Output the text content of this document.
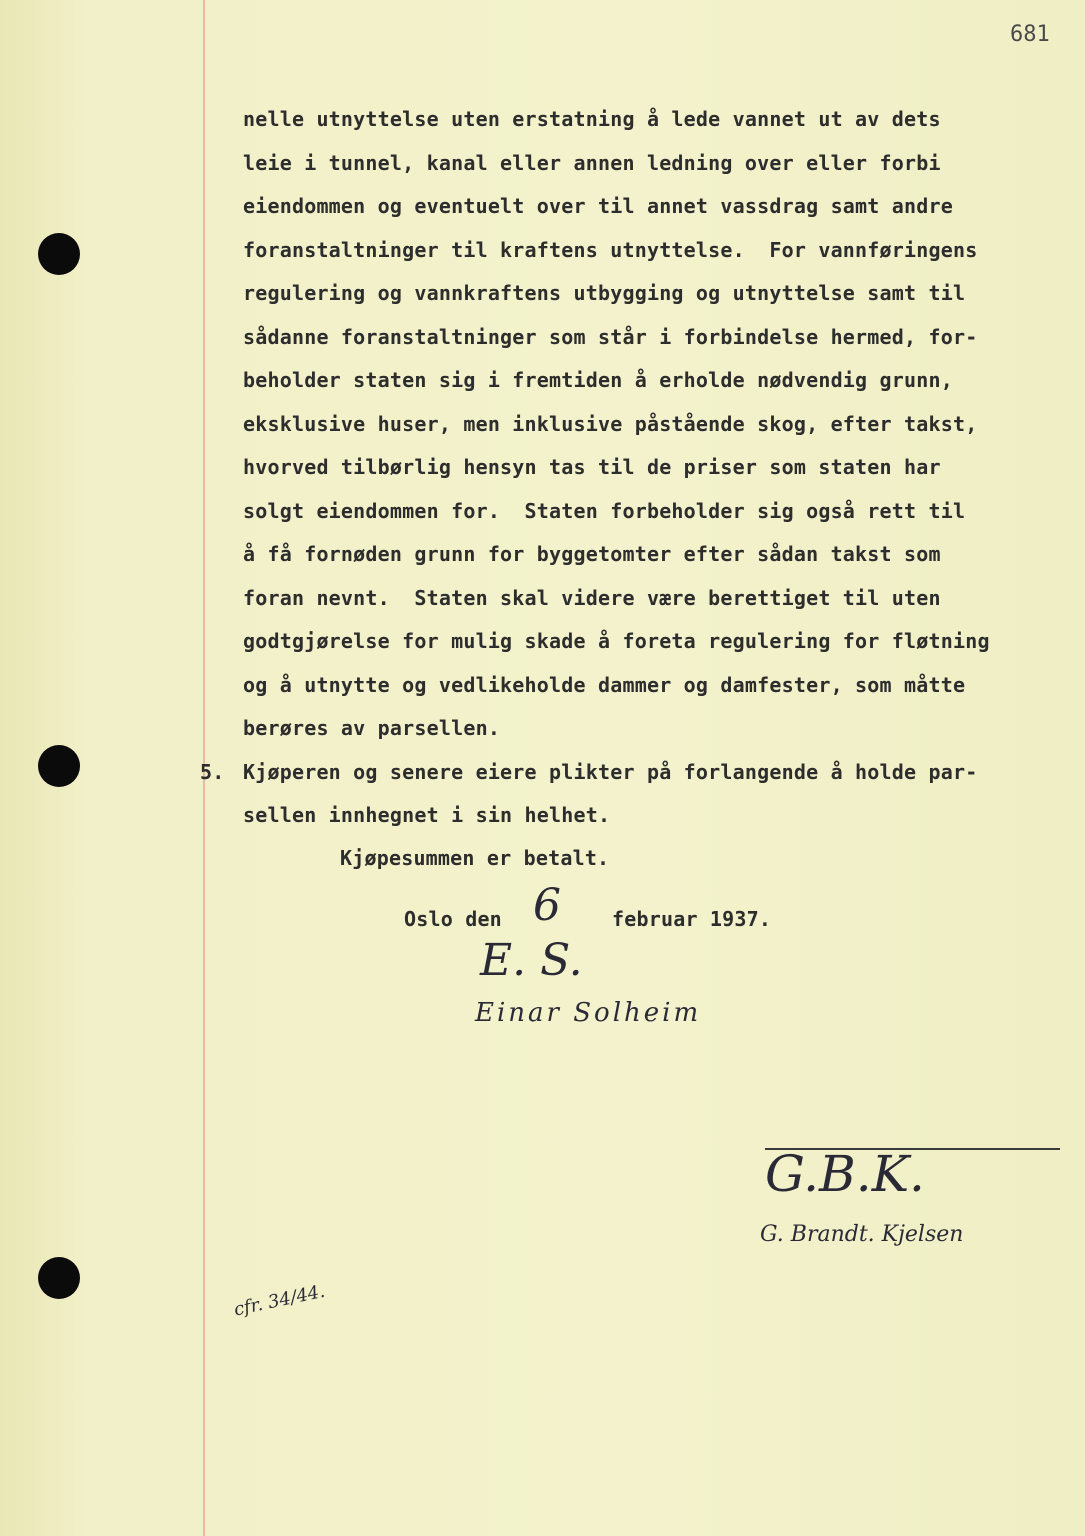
681
nelle utnyttelse uten erstatning å lede vannet ut av dets
leie i tunnel, kanal eller annen ledning over eller forbi
eiendommen og eventuelt over til annet vassdrag samt andre
foranstaltninger til kraftens utnyttelse.  For vannføringens
regulering og vannkraftens utbygging og utnyttelse samt til
sådanne foranstaltninger som står i forbindelse hermed, for-
beholder staten sig i fremtiden å erholde nødvendig grunn,
eksklusive huser, men inklusive påstående skog, efter takst,
hvorved tilbørlig hensyn tas til de priser som staten har
solgt eiendommen for.  Staten forbeholder sig også rett til
å få fornøden grunn for byggetomter efter sådan takst som
foran nevnt.  Staten skal videre være berettiget til uten
godtgjørelse for mulig skade å foreta regulering for fløtning
og å utnytte og vedlikeholde dammer og damfester, som måtte
berøres av parsellen.
5. Kjøperen og senere eiere plikter på forlangende å holde par-
sellen innhegnet i sin helhet.
Kjøpesummen er betalt.
Oslo den 6	februar 1937.
E. S.
Einar Solheim
G.B.K.
G. Brandt. Kjelsen
cfr. 34/44.
